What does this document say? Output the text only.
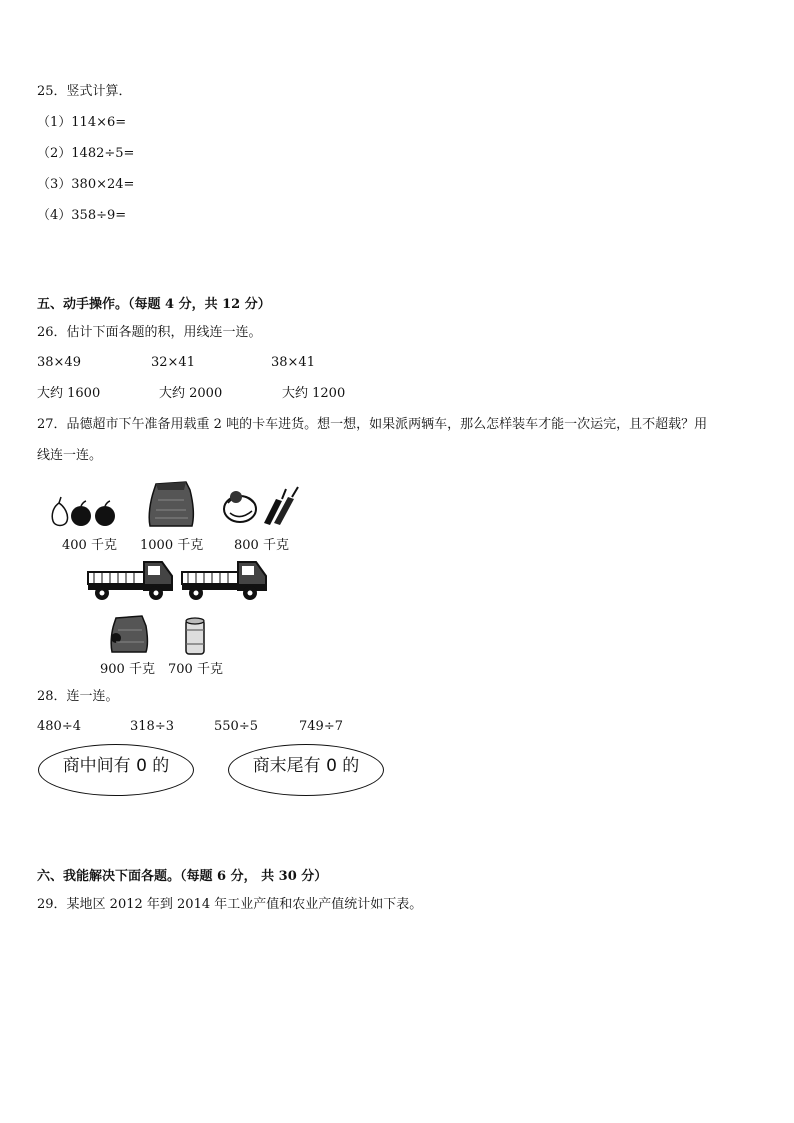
25．竖式计算．
（1）114×6=
（2）1482÷5=
（3）380×24=
（4）358÷9=
五、动手操作。（每题 4 分，共 12 分）
26．估计下面各题的积，用线连一连。
38×49	32×41	38×41
大约 1600	大约 2000	大约 1200
27．品德超市下午准备用载重 2 吨的卡车进货。想一想，如果派两辆车，那么怎样装车才能一次运完，且不超载？用
线连一连。
400 千克 1000 千克 800 千克
900 千克 700 千克
28．连一连。
480÷4	318÷3	550÷5	749÷7
商中间有 0 的	商末尾有 0 的
六、我能解决下面各题。（每题 6 分， 共 30 分）
29．某地区 2012 年到 2014 年工业产值和农业产值统计如下表。
